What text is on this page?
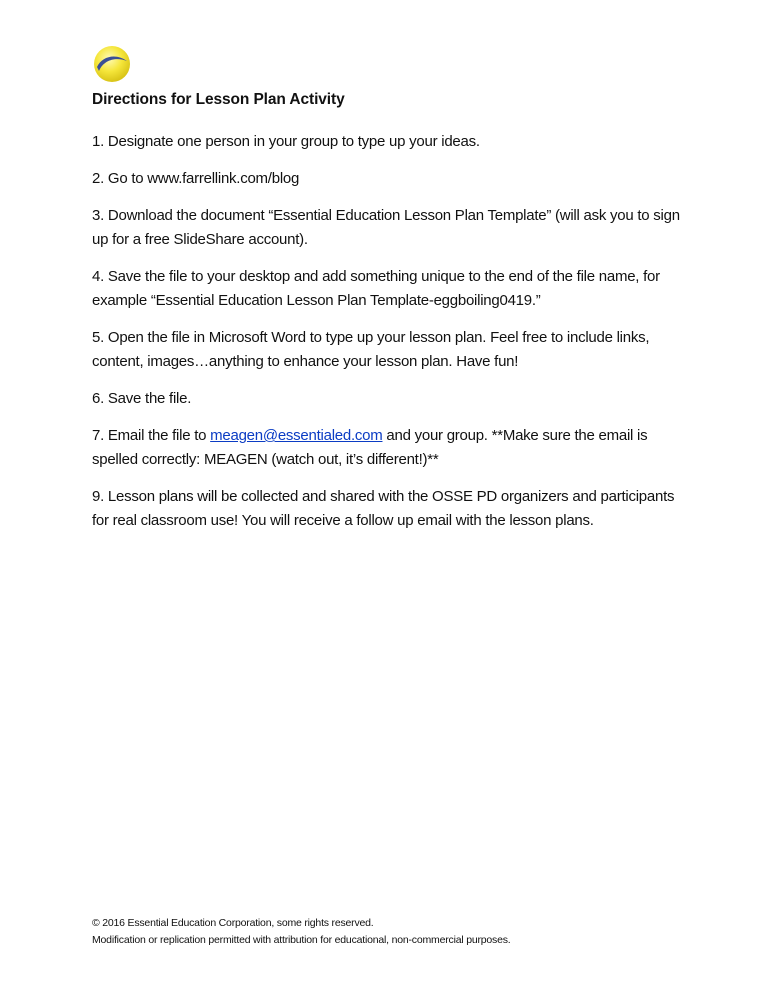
Directions for Lesson Plan Activity
1. Designate one person in your group to type up your ideas.
2. Go to www.farrellink.com/blog
3. Download the document “Essential Education Lesson Plan Template” (will ask you to sign up for a free SlideShare account).
4. Save the file to your desktop and add something unique to the end of the file name, for example “Essential Education Lesson Plan Template-eggboiling0419.”
5. Open the file in Microsoft Word to type up your lesson plan. Feel free to include links, content, images…anything to enhance your lesson plan. Have fun!
6. Save the file.
7. Email the file to meagen@essentialed.com and your group. **Make sure the email is spelled correctly: MEAGEN (watch out, it’s different!)**
9. Lesson plans will be collected and shared with the OSSE PD organizers and participants for real classroom use! You will receive a follow up email with the lesson plans.
© 2016 Essential Education Corporation, some rights reserved.
Modification or replication permitted with attribution for educational, non-commercial purposes.
